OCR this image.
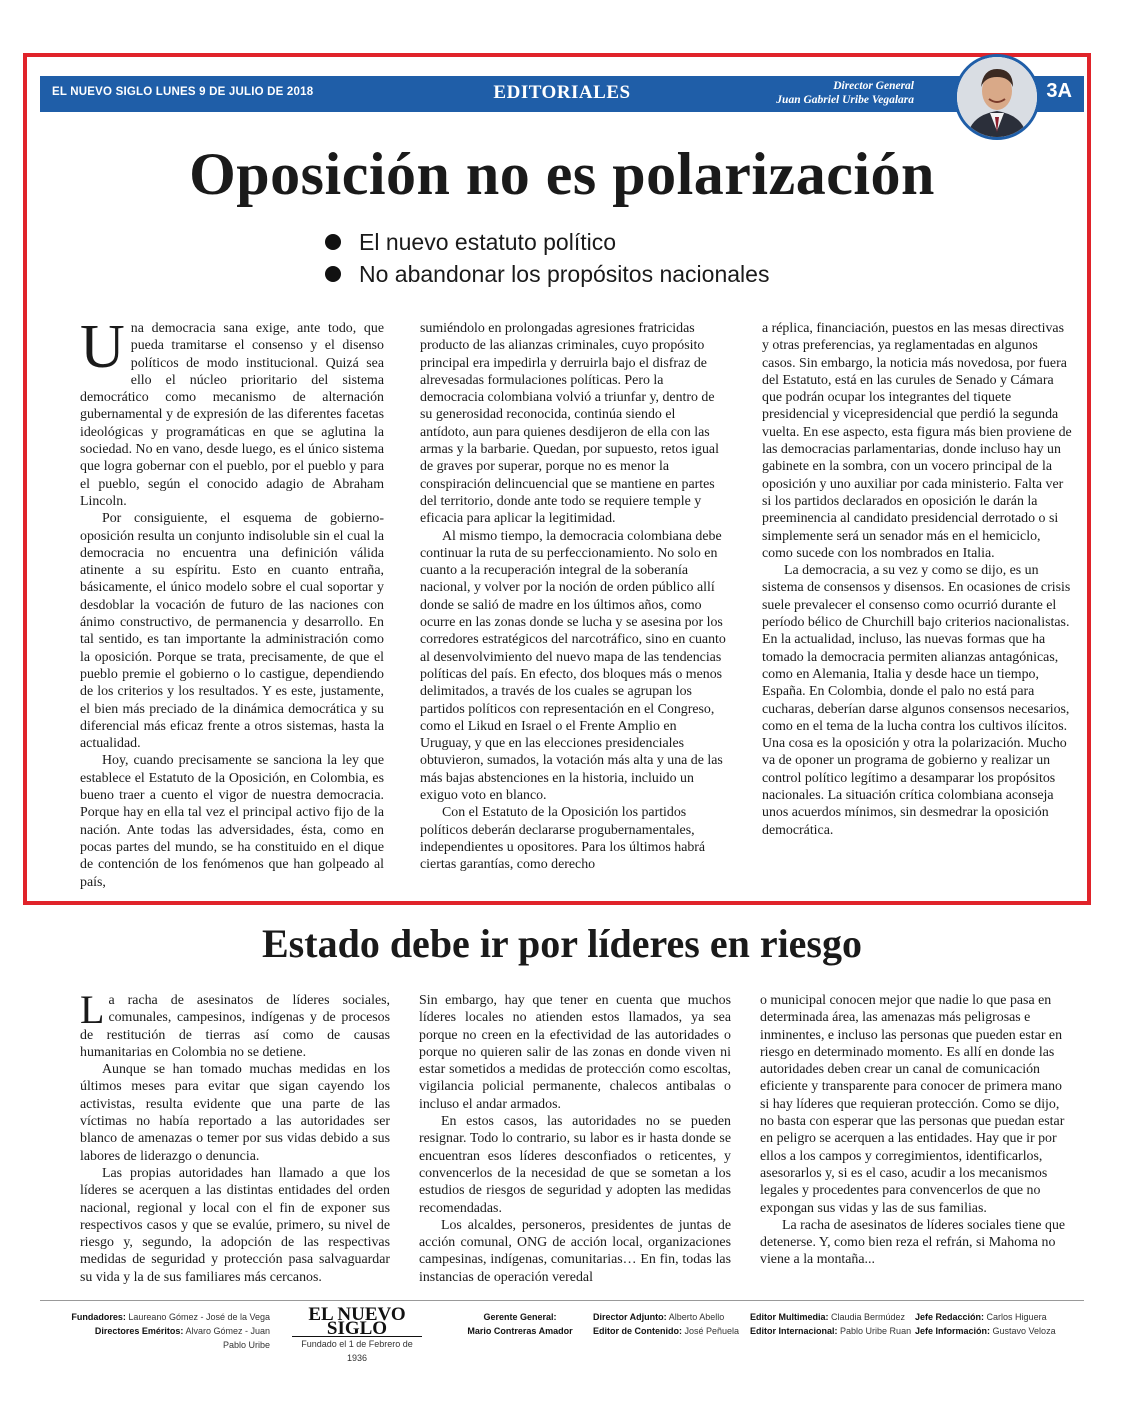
EL NUEVO SIGLO LUNES 9 DE JULIO DE 2018	EDITORIALES	Director General
Juan Gabriel Uribe Vegalara	3A
Oposición no es polarización
El nuevo estatuto político
No abandonar los propósitos nacionales

Una democracia sana exige, ante todo, que pueda tramitarse el consenso y el disenso políticos de modo institucional. Quizá sea ello el núcleo prioritario del sistema democrático como mecanismo de alternación gubernamental y de expresión de las diferentes facetas ideológicas y programáticas en que se aglutina la sociedad. No en vano, desde luego, es el único sistema que logra gobernar con el pueblo, por el pueblo y para el pueblo, según el conocido adagio de Abraham Lincoln.

Por consiguiente, el esquema de gobierno-oposición resulta un conjunto indisoluble sin el cual la democracia no encuentra una definición válida atinente a su espíritu. Esto en cuanto entraña, básicamente, el único modelo sobre el cual soportar y desdoblar la vocación de futuro de las naciones con ánimo constructivo, de permanencia y desarrollo. En tal sentido, es tan importante la administración como la oposición. Porque se trata, precisamente, de que el pueblo premie el gobierno o lo castigue, dependiendo de los criterios y los resultados. Y es este, justamente, el bien más preciado de la dinámica democrática y su diferencial más eficaz frente a otros sistemas, hasta la actualidad.

Hoy, cuando precisamente se sanciona la ley que establece el Estatuto de la Oposición, en Colombia, es bueno traer a cuento el vigor de nuestra democracia. Porque hay en ella tal vez el principal activo fijo de la nación. Ante todas las adversidades, ésta, como en pocas partes del mundo, se ha constituido en el dique de contención de los fenómenos que han golpeado al país,

sumiéndolo en prolongadas agresiones fratricidas producto de las alianzas criminales, cuyo propósito principal era impedirla y derruirla bajo el disfraz de alrevesadas formulaciones políticas. Pero la democracia colombiana volvió a triunfar y, dentro de su generosidad reconocida, continúa siendo el antídoto, aun para quienes desdijeron de ella con las armas y la barbarie. Quedan, por supuesto, retos igual de graves por superar, porque no es menor la conspiración delincuencial que se mantiene en partes del territorio, donde ante todo se requiere temple y eficacia para aplicar la legitimidad.

Al mismo tiempo, la democracia colombiana debe continuar la ruta de su perfeccionamiento. No solo en cuanto a la recuperación integral de la soberanía nacional, y volver por la noción de orden público allí donde se salió de madre en los últimos años, como ocurre en las zonas donde se lucha y se asesina por los corredores estratégicos del narcotráfico, sino en cuanto al desenvolvimiento del nuevo mapa de las tendencias políticas del país. En efecto, dos bloques más o menos delimitados, a través de los cuales se agrupan los partidos políticos con representación en el Congreso, como el Likud en Israel o el Frente Amplio en Uruguay, y que en las elecciones presidenciales obtuvieron, sumados, la votación más alta y una de las más bajas abstenciones en la historia, incluido un exiguo voto en blanco.

Con el Estatuto de la Oposición los partidos políticos deberán declararse progubernamentales, independientes u opositores. Para los últimos habrá ciertas garantías, como derecho

a réplica, financiación, puestos en las mesas directivas y otras preferencias, ya reglamentadas en algunos casos. Sin embargo, la noticia más novedosa, por fuera del Estatuto, está en las curules de Senado y Cámara que podrán ocupar los integrantes del tiquete presidencial y vicepresidencial que perdió la segunda vuelta. En ese aspecto, esta figura más bien proviene de las democracias parlamentarias, donde incluso hay un gabinete en la sombra, con un vocero principal de la oposición y uno auxiliar por cada ministerio. Falta ver si los partidos declarados en oposición le darán la preeminencia al candidato presidencial derrotado o si simplemente será un senador más en el hemiciclo, como sucede con los nombrados en Italia.

La democracia, a su vez y como se dijo, es un sistema de consensos y disensos. En ocasiones de crisis suele prevalecer el consenso como ocurrió durante el período bélico de Churchill bajo criterios nacionalistas. En la actualidad, incluso, las nuevas formas que ha tomado la democracia permiten alianzas antagónicas, como en Alemania, Italia y desde hace un tiempo, España. En Colombia, donde el palo no está para cucharas, deberían darse algunos consensos necesarios, como en el tema de la lucha contra los cultivos ilícitos. Una cosa es la oposición y otra la polarización. Mucho va de oponer un programa de gobierno y realizar un control político legítimo a desamparar los propósitos nacionales. La situación crítica colombiana aconseja unos acuerdos mínimos, sin desmedrar la oposición democrática.

Estado debe ir por líderes en riesgo

La racha de asesinatos de líderes sociales, comunales, campesinos, indígenas y de procesos de restitución de tierras así como de causas humanitarias en Colombia no se detiene.

Aunque se han tomado muchas medidas en los últimos meses para evitar que sigan cayendo los activistas, resulta evidente que una parte de las víctimas no había reportado a las autoridades ser blanco de amenazas o temer por sus vidas debido a sus labores de liderazgo o denuncia.

Las propias autoridades han llamado a que los líderes se acerquen a las distintas entidades del orden nacional, regional y local con el fin de exponer sus respectivos casos y que se evalúe, primero, su nivel de riesgo y, segundo, la adopción de las respectivas medidas de seguridad y protección pasa salvaguardar su vida y la de sus familiares más cercanos.

Sin embargo, hay que tener en cuenta que muchos líderes locales no atienden estos llamados, ya sea porque no creen en la efectividad de las autoridades o porque no quieren salir de las zonas en donde viven ni estar sometidos a medidas de protección como escoltas, vigilancia policial permanente, chalecos antibalas o incluso el andar armados.

En estos casos, las autoridades no se pueden resignar. Todo lo contrario, su labor es ir hasta donde se encuentran esos líderes desconfiados o reticentes, y convencerlos de la necesidad de que se sometan a los estudios de riesgos de seguridad y adopten las medidas recomendadas.

Los alcaldes, personeros, presidentes de juntas de acción comunal, ONG de acción local, organizaciones campesinas, indígenas, comunitarias… En fin, todas las instancias de operación veredal

o municipal conocen mejor que nadie lo que pasa en determinada área, las amenazas más peligrosas e inminentes, e incluso las personas que pueden estar en riesgo en determinado momento. Es allí en donde las autoridades deben crear un canal de comunicación eficiente y transparente para conocer de primera mano si hay líderes que requieran protección. Como se dijo, no basta con esperar que las personas que puedan estar en peligro se acerquen a las entidades. Hay que ir por ellos a los campos y corregimientos, identificarlos, asesorarlos y, si es el caso, acudir a los mecanismos legales y procedentes para convencerlos de que no expongan sus vidas y las de sus familias.

La racha de asesinatos de líderes sociales tiene que detenerse. Y, como bien reza el refrán, si Mahoma no viene a la montaña...

Fundadores: Laureano Gómez - José de la Vega
Directores Eméritos: Alvaro Gómez - Juan Pablo Uribe
EL NUEVO SIGLO
Fundado el 1 de Febrero de 1936
Gerente General:
Mario Contreras Amador
Director Adjunto: Alberto Abello
Editor de Contenido: José Peñuela
Editor Multimedia: Claudia Bermúdez
Editor Internacional: Pablo Uribe Ruan
Jefe Redacción: Carlos Higuera
Jefe Información: Gustavo Veloza
